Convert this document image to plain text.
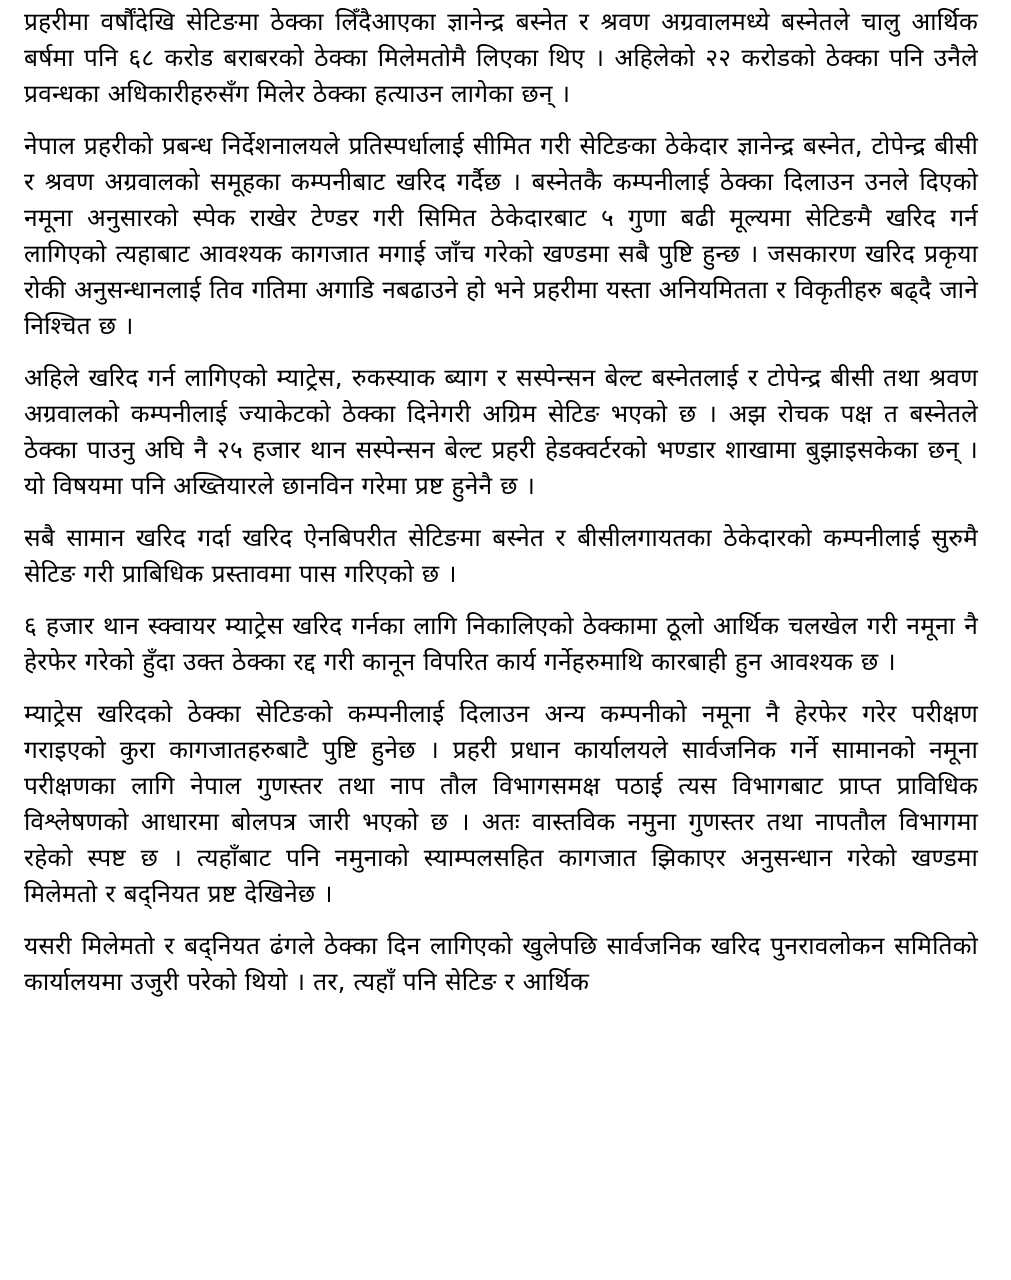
प्रहरीमा वर्षौंदेखि सेटिङमा ठेक्का लिँदैआएका ज्ञानेन्द्र बस्नेत र श्रवण अग्रवालमध्ये बस्नेतले चालु आर्थिक बर्षमा पनि ६८ करोड बराबरको ठेक्का मिलेमतोमै लिएका थिए । अहिलेको २२ करोडको ठेक्का पनि उनैले प्रवन्धका अधिकारीहरुसँग मिलेर ठेक्का हत्याउन लागेका छन् ।

नेपाल प्रहरीको प्रबन्ध निर्देशनालयले प्रतिस्पर्धालाई सीमित गरी सेटिङका ठेकेदार ज्ञानेन्द्र बस्नेत, टोपेन्द्र बीसी र श्रवण अग्रवालको समूहका कम्पनीबाट खरिद गर्दैछ । बस्नेतकै कम्पनीलाई ठेक्का दिलाउन उनले दिएको नमूना अनुसारको स्पेक राखेर टेण्डर गरी सिमित ठेकेदारबाट ५ गुणा बढी मूल्यमा सेटिङमै खरिद गर्न लागिएको त्यहाबाट आवश्यक कागजात मगाई जाँच गरेको खण्डमा सबै पुष्टि हुन्छ । जसकारण खरिद प्रकृया रोकी अनुसन्धानलाई तिव गतिमा अगाडि नबढाउने हो भने प्रहरीमा यस्ता अनियमितता र विकृतीहरु बढ्दै जाने निश्चित छ ।

अहिले खरिद गर्न लागिएको म्याट्रेस, रुकस्याक ब्याग र सस्पेन्सन बेल्ट बस्नेतलाई र टोपेन्द्र बीसी तथा श्रवण अग्रवालको कम्पनीलाई ज्याकेटको ठेक्का दिनेगरी अग्रिम सेटिङ भएको छ । अझ रोचक पक्ष त बस्नेतले ठेक्का पाउनु अघि नै २५ हजार थान सस्पेन्सन बेल्ट प्रहरी हेडक्वर्टरको भण्डार शाखामा बुझाइसकेका छन् । यो विषयमा पनि अख्तियारले छानविन गरेमा प्रष्ट हुनेनै छ ।

सबै सामान खरिद गर्दा खरिद ऐनबिपरीत सेटिङमा बस्नेत र बीसीलगायतका ठेकेदारको कम्पनीलाई सुरुमै सेटिङ गरी प्राबिधिक प्रस्तावमा पास गरिएको छ ।

६ हजार थान स्क्वायर म्याट्रेस खरिद गर्नका लागि निकालिएको ठेक्कामा ठूलो आर्थिक चलखेल गरी नमूना नै हेरफेर गरेको हुँदा उक्त ठेक्का रद्द गरी कानून विपरित कार्य गर्नेहरुमाथि कारबाही हुन आवश्यक छ ।

म्याट्रेस खरिदको ठेक्का सेटिङको कम्पनीलाई दिलाउन अन्य कम्पनीको नमूना नै हेरफेर गरेर परीक्षण गराइएको कुरा कागजातहरुबाटै पुष्टि हुनेछ । प्रहरी प्रधान कार्यालयले सार्वजनिक गर्ने सामानको नमूना परीक्षणका लागि नेपाल गुणस्तर तथा नाप तौल विभागसमक्ष पठाई त्यस विभागबाट प्राप्त प्राविधिक विश्लेषणको आधारमा बोलपत्र जारी भएको छ । अतः वास्तविक नमुना गुणस्तर तथा नापतौल विभागमा रहेको स्पष्ट छ । त्यहाँबाट पनि नमुनाको स्याम्पलसहित कागजात झिकाएर अनुसन्धान गरेको खण्डमा मिलेमतो र बद्नियत प्रष्ट देखिनेछ ।

यसरी मिलेमतो र बद्नियत ढंगले ठेक्का दिन लागिएको खुलेपछि सार्वजनिक खरिद पुनरावलोकन समितिको कार्यालयमा उजुरी परेको थियो । तर, त्यहाँ पनि सेटिङ र आर्थिक
